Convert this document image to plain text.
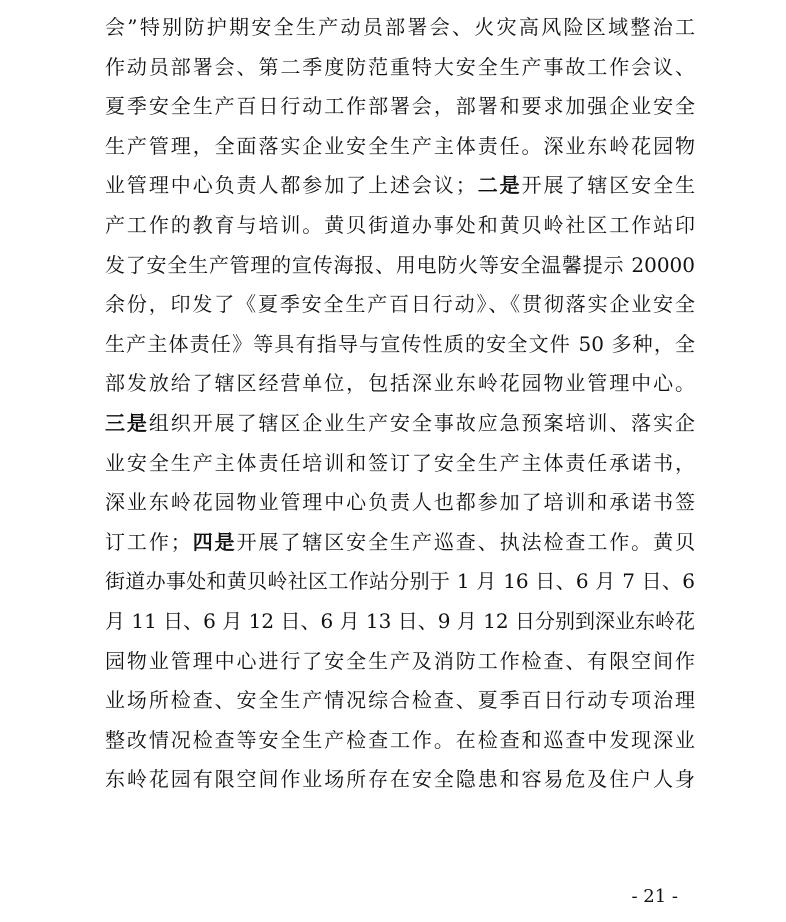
会”特别防护期安全生产动员部署会、火灾高风险区域整治工
作动员部署会、第二季度防范重特大安全生产事故工作会议、
夏季安全生产百日行动工作部署会，部署和要求加强企业安全
生产管理，全面落实企业安全生产主体责任。深业东岭花园物
业管理中心负责人都参加了上述会议；二是开展了辖区安全生
产工作的教育与培训。黄贝街道办事处和黄贝岭社区工作站印
发了安全生产管理的宣传海报、用电防火等安全温馨提示 20000
余份，印发了《夏季安全生产百日行动》、《贯彻落实企业安全
生产主体责任》等具有指导与宣传性质的安全文件 50 多种，全
部发放给了辖区经营单位，包括深业东岭花园物业管理中心。
三是组织开展了辖区企业生产安全事故应急预案培训、落实企
业安全生产主体责任培训和签订了安全生产主体责任承诺书，
深业东岭花园物业管理中心负责人也都参加了培训和承诺书签
订工作；四是开展了辖区安全生产巡查、执法检查工作。黄贝
街道办事处和黄贝岭社区工作站分别于 1 月 16 日、6 月 7 日、6
月 11 日、6 月 12 日、6 月 13 日、9 月 12 日分别到深业东岭花
园物业管理中心进行了安全生产及消防工作检查、有限空间作
业场所检查、安全生产情况综合检查、夏季百日行动专项治理
整改情况检查等安全生产检查工作。在检查和巡查中发现深业
东岭花园有限空间作业场所存在安全隐患和容易危及住户人身
- 21 -
